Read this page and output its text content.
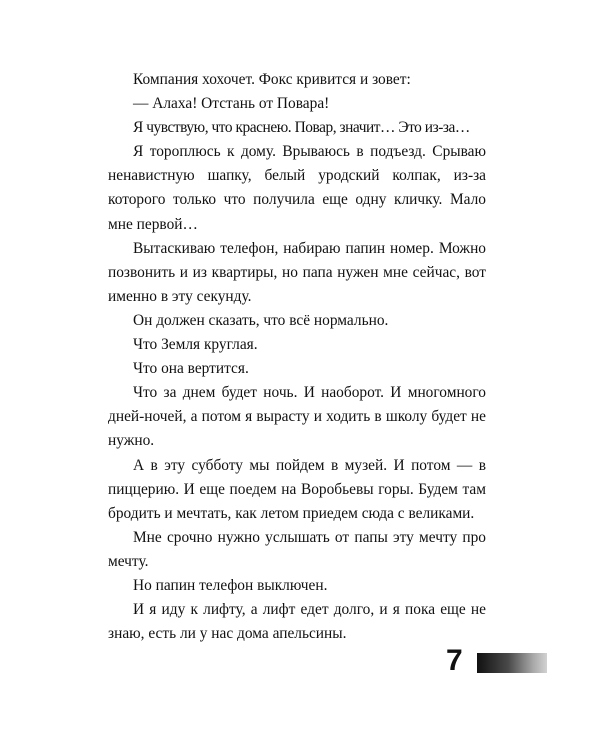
Компания хохочет. Фокс кривится и зовет:

— Алаха! Отстань от Повара!

Я чувствую, что краснею. Повар, значит… Это из-за…

Я тороплюсь к дому. Врываюсь в подъезд. Срываю ненавистную шапку, белый уродский колпак, из-за которого только что получила еще одну кличку. Мало мне первой…

Вытаскиваю телефон, набираю папин номер. Можно позвонить и из квартиры, но папа нужен мне сейчас, вот именно в эту секунду.

Он должен сказать, что всё нормально.

Что Земля круглая.

Что она вертится.

Что за днем будет ночь. И наоборот. И многомного дней-ночей, а потом я вырасту и ходить в школу будет не нужно.

А в эту субботу мы пойдем в музей. И потом — в пиццерию. И еще поедем на Воробьевы горы. Будем там бродить и мечтать, как летом приедем сюда с великами.

Мне срочно нужно услышать от папы эту мечту про мечту.

Но папин телефон выключен.

И я иду к лифту, а лифт едет долго, и я пока еще не знаю, есть ли у нас дома апельсины.

7
